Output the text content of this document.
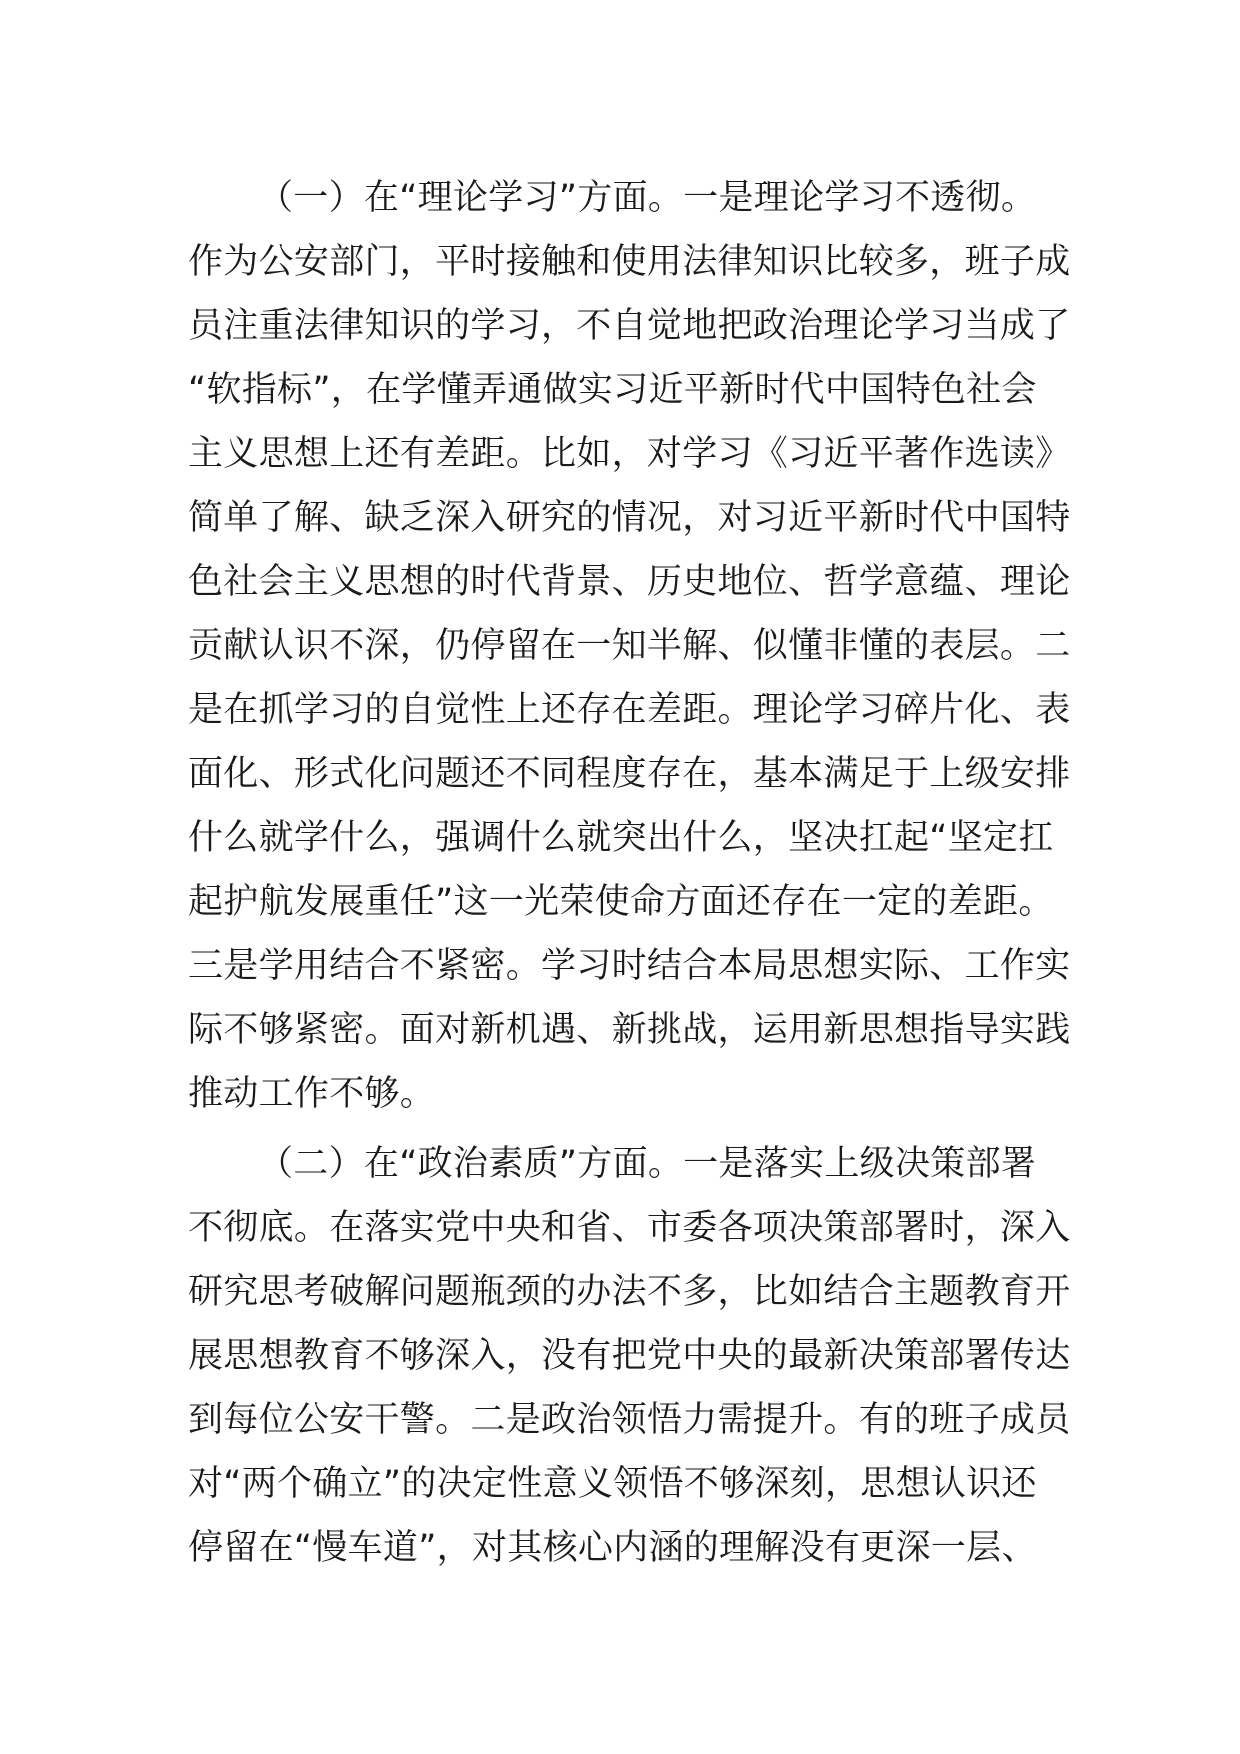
（一）在“理论学习”方面。一是理论学习不透彻。
作为公安部门，平时接触和使用法律知识比较多，班子成
员注重法律知识的学习，不自觉地把政治理论学习当成了
“软指标”，在学懂弄通做实习近平新时代中国特色社会
主义思想上还有差距。比如，对学习《习近平著作选读》
简单了解、缺乏深入研究的情况，对习近平新时代中国特
色社会主义思想的时代背景、历史地位、哲学意蕴、理论
贡献认识不深，仍停留在一知半解、似懂非懂的表层。二
是在抓学习的自觉性上还存在差距。理论学习碎片化、表
面化、形式化问题还不同程度存在，基本满足于上级安排
什么就学什么，强调什么就突出什么，坚决扛起“坚定扛
起护航发展重任”这一光荣使命方面还存在一定的差距。
三是学用结合不紧密。学习时结合本局思想实际、工作实
际不够紧密。面对新机遇、新挑战，运用新思想指导实践
推动工作不够。
（二）在“政治素质”方面。一是落实上级决策部署
不彻底。在落实党中央和省、市委各项决策部署时，深入
研究思考破解问题瓶颈的办法不多，比如结合主题教育开
展思想教育不够深入，没有把党中央的最新决策部署传达
到每位公安干警。二是政治领悟力需提升。有的班子成员
对“两个确立”的决定性意义领悟不够深刻，思想认识还
停留在“慢车道”，对其核心内涵的理解没有更深一层、
